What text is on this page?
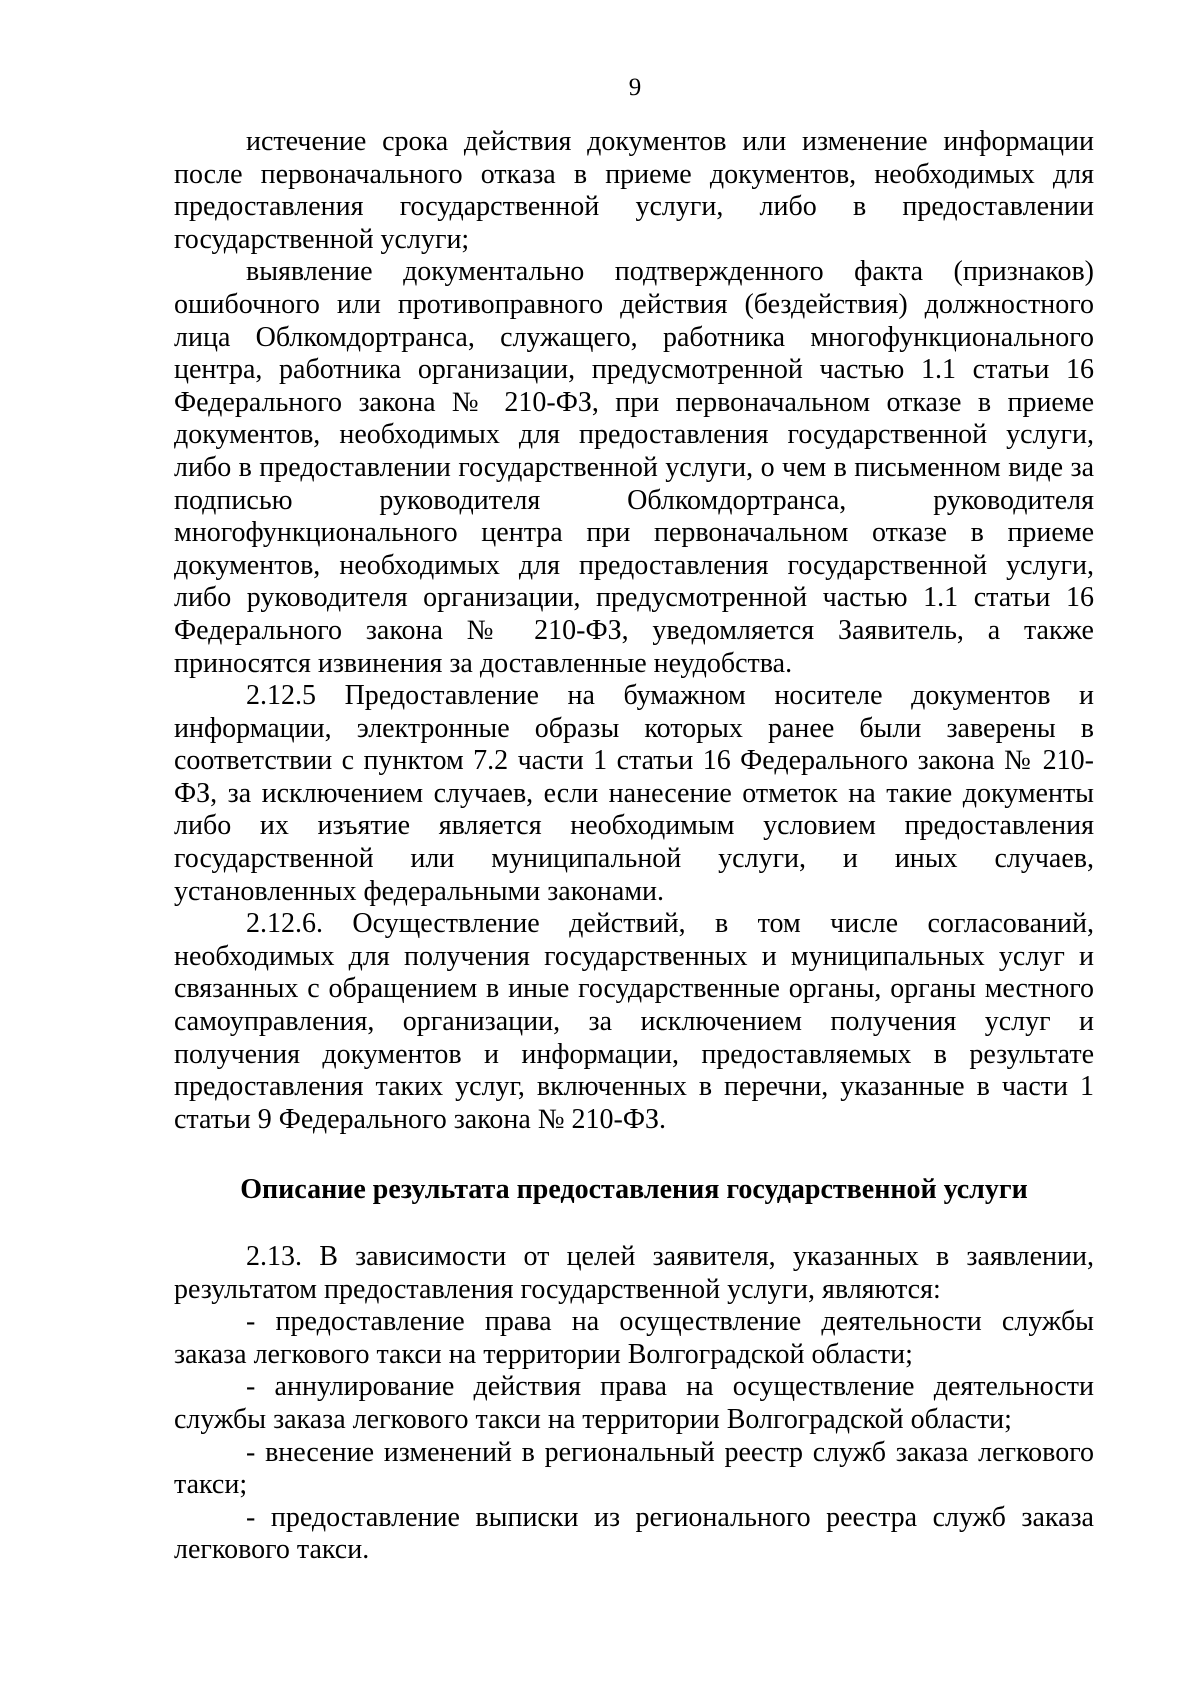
9

истечение срока действия документов или изменение информации после первоначального отказа в приеме документов, необходимых для предоставления государственной услуги, либо в предоставлении государственной услуги;

выявление документально подтвержденного факта (признаков) ошибочного или противоправного действия (бездействия) должностного лица Облкомдортранса, служащего, работника многофункционального центра, работника организации, предусмотренной частью 1.1 статьи 16 Федерального закона № 210-ФЗ, при первоначальном отказе в приеме документов, необходимых для предоставления государственной услуги, либо в предоставлении государственной услуги, о чем в письменном виде за подписью руководителя Облкомдортранса, руководителя многофункционального центра при первоначальном отказе в приеме документов, необходимых для предоставления государственной услуги, либо руководителя организации, предусмотренной частью 1.1 статьи 16 Федерального закона № 210-ФЗ, уведомляется Заявитель, а также приносятся извинения за доставленные неудобства.

2.12.5 Предоставление на бумажном носителе документов и информации, электронные образы которых ранее были заверены в соответствии с пунктом 7.2 части 1 статьи 16 Федерального закона № 210-ФЗ, за исключением случаев, если нанесение отметок на такие документы либо их изъятие является необходимым условием предоставления государственной или муниципальной услуги, и иных случаев, установленных федеральными законами.

2.12.6. Осуществление действий, в том числе согласований, необходимых для получения государственных и муниципальных услуг и связанных с обращением в иные государственные органы, органы местного самоуправления, организации, за исключением получения услуг и получения документов и информации, предоставляемых в результате предоставления таких услуг, включенных в перечни, указанные в части 1 статьи 9 Федерального закона № 210-ФЗ.

Описание результата предоставления государственной услуги

2.13. В зависимости от целей заявителя, указанных в заявлении, результатом предоставления государственной услуги, являются:

- предоставление права на осуществление деятельности службы заказа легкового такси на территории Волгоградской области;

- аннулирование действия права на осуществление деятельности службы заказа легкового такси на территории Волгоградской области;

- внесение изменений в региональный реестр служб заказа легкового такси;

- предоставление выписки из регионального реестра служб заказа легкового такси.
